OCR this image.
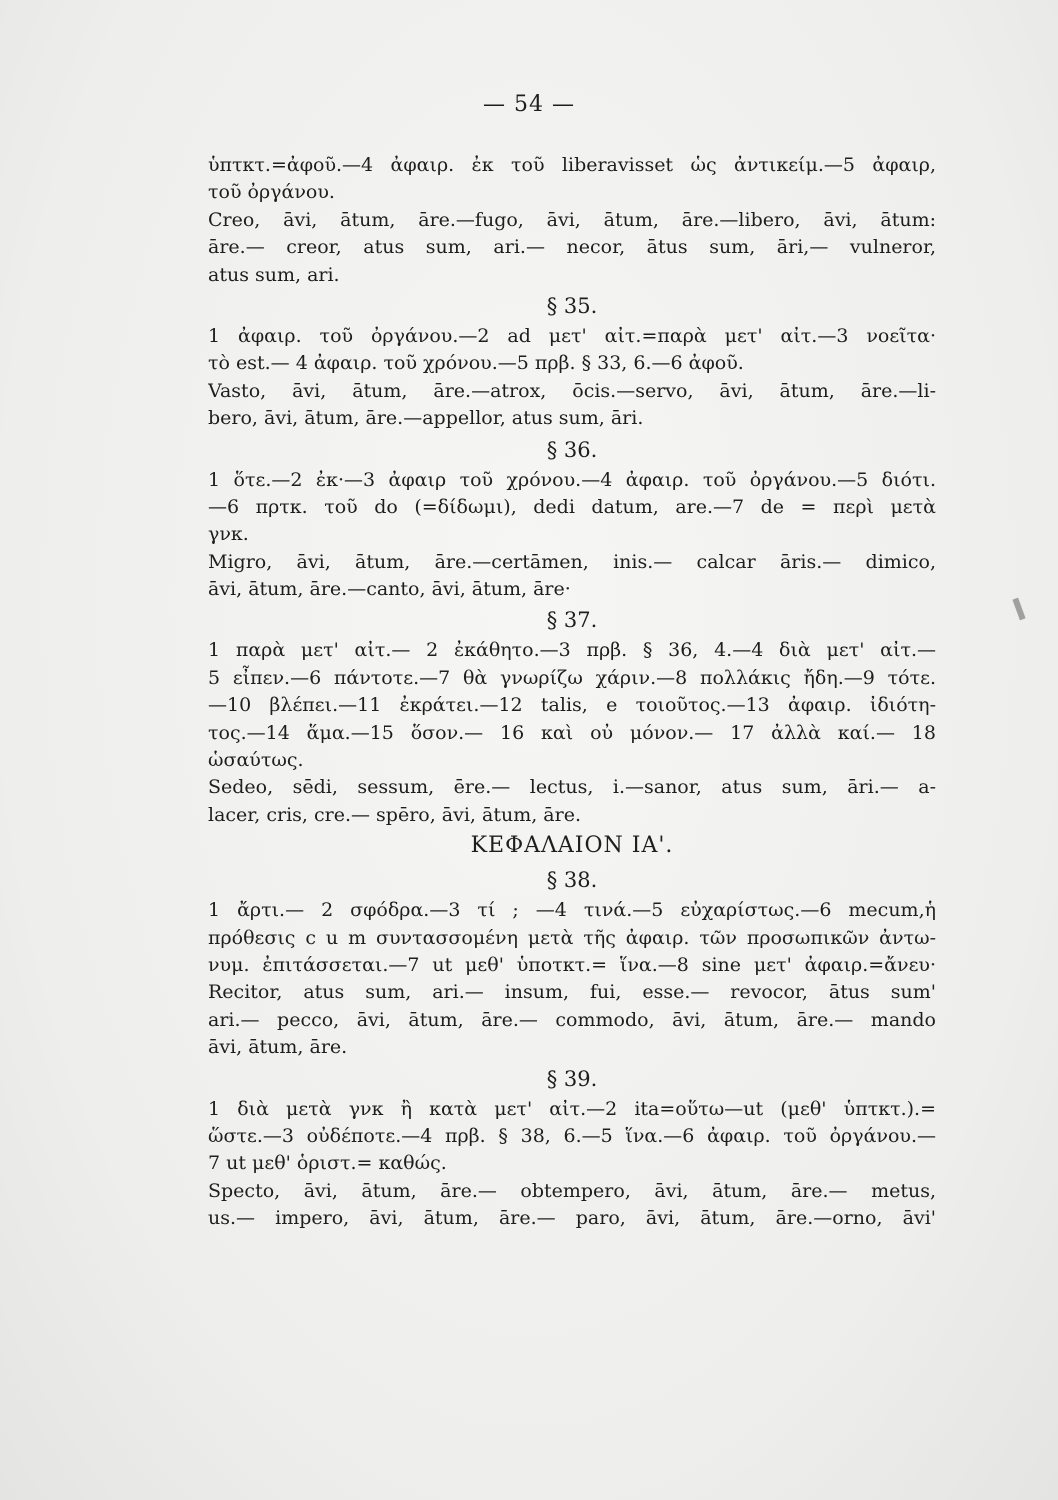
— 54 —
ὑπτκτ.=ἀφοῦ.—4 ἀφαιρ. ἐκ τοῦ liberavisset ὡς ἀντικείμ.—5 ἀφαιρ,
τοῦ ὀργάνου.
Creo, āvi, ātum, āre.—fugo, āvi, ātum, āre.—libero, āvi, ātum:
āre.— creor, atus sum, ari.— necor, ātus sum, āri,— vulneror,
atus sum, ari.
§ 35.
1 ἀφαιρ. τοῦ ὀργάνου.—2 ad μετ' αἰτ.=παρὰ μετ' αἰτ.—3 νοεῖτα·
τὸ est.— 4 ἀφαιρ. τοῦ χρόνου.—5 πρβ. § 33, 6.—6 ἀφοῦ.
Vasto, āvi, ātum, āre.—atrox, ōcis.—servo, āvi, ātum, āre.—li-
bero, āvi, ātum, āre.—appellor, atus sum, āri.
§ 36.
1 ὅτε.—2 ἐκ·—3 ἀφαιρ τοῦ χρόνου.—4 ἀφαιρ. τοῦ ὀργάνου.—5 διότι.
—6 πρτκ. τοῦ do (=δίδωμι), dedi datum, are.—7 de = περὶ μετὰ
γνκ.
Migro, āvi, ātum, āre.—certāmen, inis.— calcar āris.— dimico,
āvi, ātum, āre.—canto, āvi, ātum, āre·
§ 37.
1 παρὰ μετ' αἰτ.— 2 ἐκάθητο.—3 πρβ. § 36, 4.—4 διὰ μετ' αἰτ.—
5 εἶπεν.—6 πάντοτε.—7 θὰ γνωρίζω χάριν.—8 πολλάκις ἤδη.—9 τότε.
—10 βλέπει.—11 ἐκράτει.—12 talis, e τοιοῦτος.—13 ἀφαιρ. ἰδιότη-
τος.—14 ἅμα.—15 ὅσον.— 16 καὶ οὐ μόνον.— 17 ἀλλὰ καί.— 18
ὡσαύτως.
Sedeo, sēdi, sessum, ēre.— lectus, i.—sanor, atus sum, āri.— a-
lacer, cris, cre.— spēro, āvi, ātum, āre.
ΚΕΦΑΛΑΙΟΝ ΙΑ'.
§ 38.
1 ἄρτι.— 2 σφόδρα.—3 τί ; —4 τινά.—5 εὐχαρίστως.—6 mecum,ἡ
πρόθεσις c u m συντασσομένη μετὰ τῆς ἀφαιρ. τῶν προσωπικῶν ἀντω-
νυμ. ἐπιτάσσεται.—7 ut μεθ' ὑποτκτ.= ἵνα.—8 sine μετ' ἀφαιρ.=ἄνευ·
Recitor, atus sum, ari.— insum, fui, esse.— revocor, ātus sum'
ari.— pecco, āvi, ātum, āre.— commodo, āvi, ātum, āre.— mando
āvi, ātum, āre.
§ 39.
1 διὰ μετὰ γνκ ἢ κατὰ μετ' αἰτ.—2 ita=οὕτω—ut (μεθ' ὑπτκτ.).=
ὥστε.—3 οὐδέποτε.—4 πρβ. § 38, 6.—5 ἵνα.—6 ἀφαιρ. τοῦ ὀργάνου.—
7 ut μεθ' ὁριστ.= καθώς.
Specto, āvi, ātum, āre.— obtempero, āvi, ātum, āre.— metus,
us.— impero, āvi, ātum, āre.— paro, āvi, ātum, āre.—orno, āvi'
